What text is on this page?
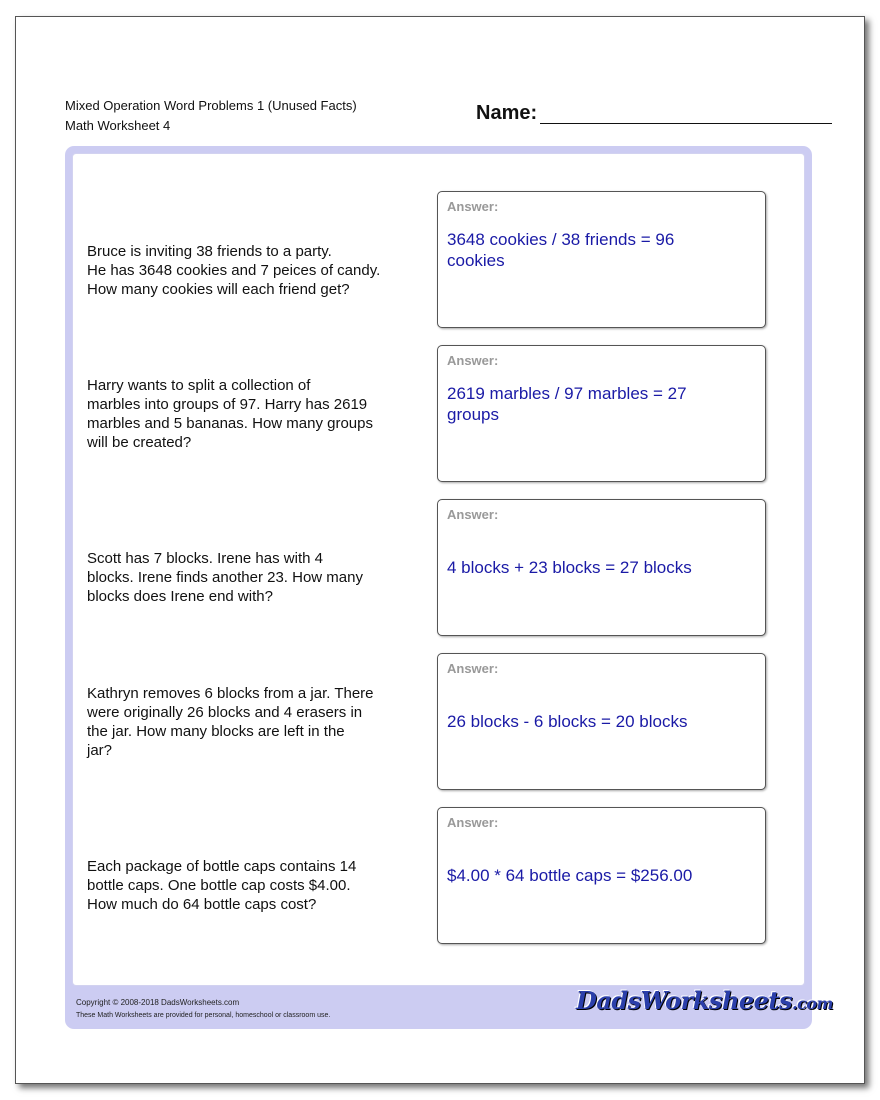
Mixed Operation Word Problems 1 (Unused Facts)
Math Worksheet 4
Name:
Bruce is inviting 38 friends to a party.
He has 3648 cookies and 7 peices of candy.
How many cookies will each friend get?
Answer:
3648 cookies / 38 friends = 96
cookies
Harry wants to split a collection of
marbles into groups of 97. Harry has 2619
marbles and 5 bananas. How many groups
will be created?
Answer:
2619 marbles / 97 marbles = 27
groups
Scott has 7 blocks. Irene has with 4
blocks. Irene finds another 23. How many
blocks does Irene end with?
Answer:
4 blocks + 23 blocks = 27 blocks
Kathryn removes 6 blocks from a jar. There
were originally 26 blocks and 4 erasers in
the jar. How many blocks are left in the
jar?
Answer:
26 blocks - 6 blocks = 20 blocks
Each package of bottle caps contains 14
bottle caps. One bottle cap costs $4.00.
How much do 64 bottle caps cost?
Answer:
$4.00 * 64 bottle caps = $256.00
Copyright © 2008-2018 DadsWorksheets.com
These Math Worksheets are provided for personal, homeschool or classroom use.
DadsWorksheets.com
